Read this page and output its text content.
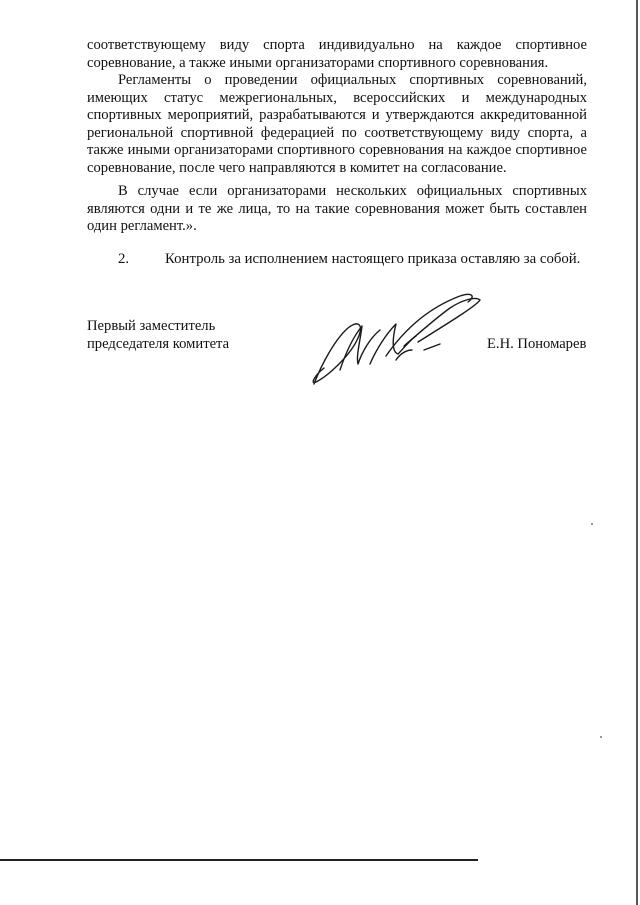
соответствующему виду спорта индивидуально на каждое спортивное соревнование, а также иными организаторами спортивного соревнования.

Регламенты о проведении официальных спортивных соревнований, имеющих статус межрегиональных, всероссийских и международных спортивных мероприятий, разрабатываются и утверждаются аккредитованной региональной спортивной федерацией по соответствующему виду спорта, а также иными организаторами спортивного соревнования на каждое спортивное соревнование, после чего направляются в комитет на согласование.

В случае если организаторами нескольких официальных спортивных являются одни и те же лица, то на такие соревнования может быть составлен один регламент.».

2. Контроль за исполнением настоящего приказа оставляю за собой.

Первый заместитель
председателя комитета	Е.Н. Пономарев
